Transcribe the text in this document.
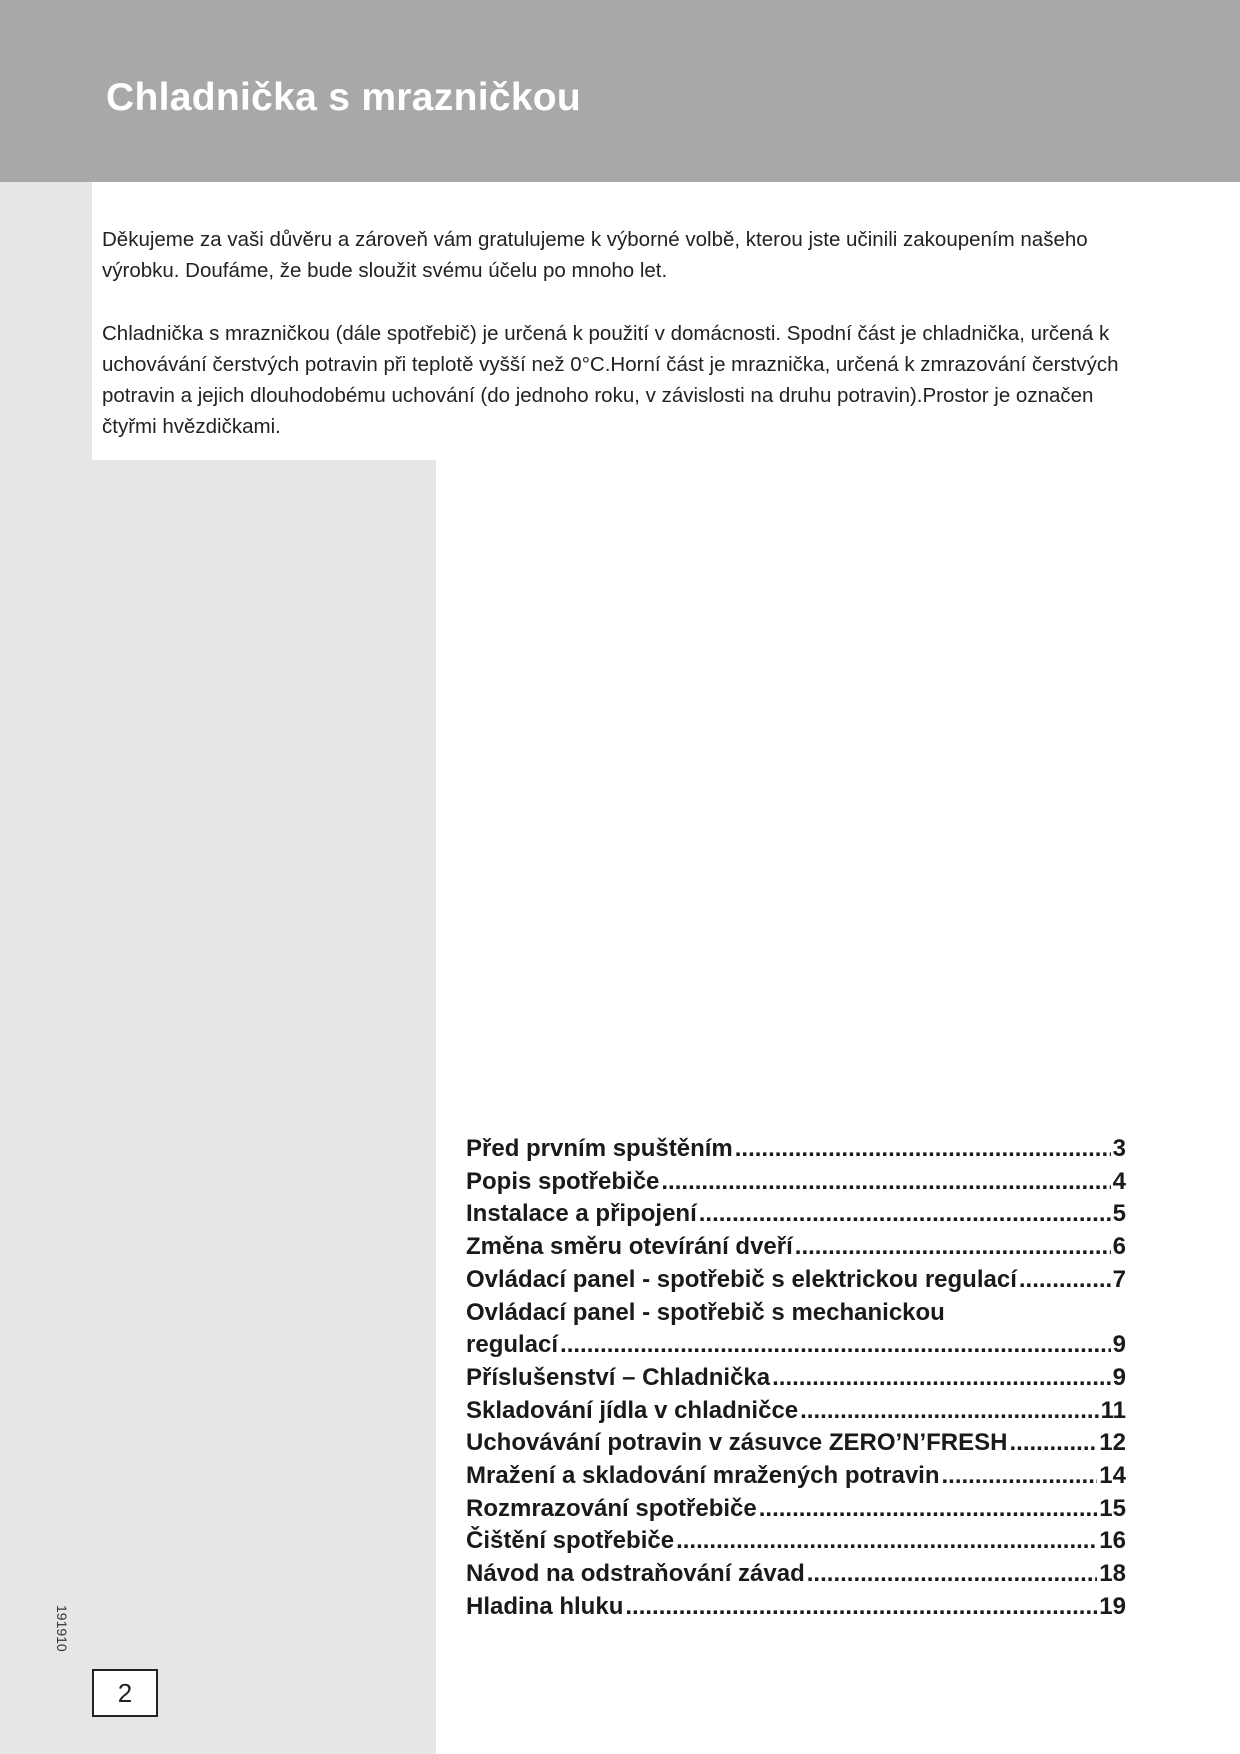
Chladnička s mrazničkou

Děkujeme za vaši důvěru a zároveň vám gratulujeme k výborné volbě, kterou jste učinili zakoupením našeho výrobku. Doufáme, že bude sloužit svému účelu po mnoho let.

Chladnička s mrazničkou (dále spotřebič) je určená k použití v domácnosti. Spodní část je chladnička, určená k uchovávání čerstvých potravin při teplotě vyšší než 0°C.Horní část je mraznička, určená k zmrazování čerstvých potravin a jejich dlouhodobému uchování (do jednoho roku, v závislosti na druhu potravin).Prostor je označen čtyřmi hvězdičkami.

Před prvním spuštěním .....	3
Popis spotřebiče .....	4
Instalace a připojení .....	5
Změna směru otevírání dveří .....	6
Ovládací panel - spotřebič s elektrickou regulací .....	7
Ovládací panel - spotřebič s mechanickou
regulací .....	9
Příslušenství – Chladnička .....	9
Skladování jídla v chladničce .....	11
Uchovávání potravin v zásuvce ZERO’N’FRESH .....	12
Mražení a skladování mražených potravin .....	14
Rozmrazování spotřebiče .....	15
Čištění spotřebiče .....	16
Návod na odstraňování závad .....	18
Hladina hluku .....	19
191910
2
